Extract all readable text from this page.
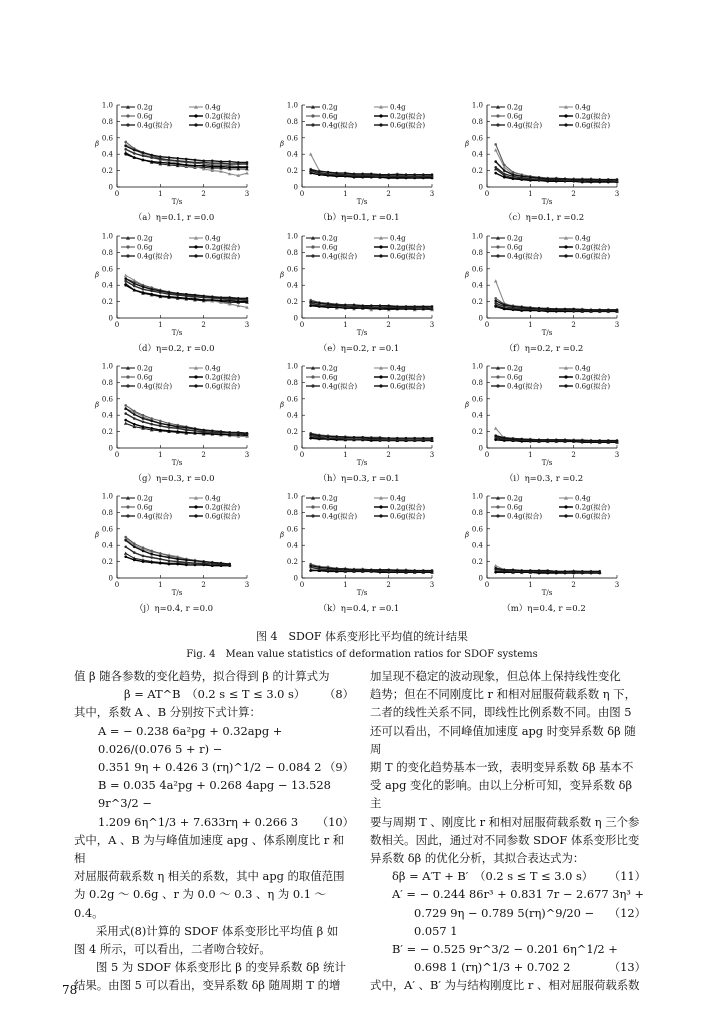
1.0
0.8
0.6
0.4
0.2
0
0	1	2	3
T/s
β
0.2g	0.4g
0.6g	0.2g(拟合)
0.4g(拟合)	0.6g(拟合)
（a）η=0.1, r =0.0
1.0
0.8
0.6
0.4
0.2
0
0	1	2	3
T/s
β
0.2g	0.4g
0.6g	0.2g(拟合)
0.4g(拟合)	0.6g(拟合)
（b）η=0.1, r =0.1
1.0
0.8
0.6
0.4
0.2
0
0	1	2	3
T/s
β
0.2g	0.4g
0.6g	0.2g(拟合)
0.4g(拟合)	0.6g(拟合)
（c）η=0.1, r =0.2
1.0
0.8
0.6
0.4
0.2
0
0	1	2	3
T/s
β
0.2g	0.4g
0.6g	0.2g(拟合)
0.4g(拟合)	0.6g(拟合)
（d）η=0.2, r =0.0
1.0
0.8
0.6
0.4
0.2
0
0	1	2	3
T/s
β
0.2g	0.4g
0.6g	0.2g(拟合)
0.4g(拟合)	0.6g(拟合)
（e）η=0.2, r =0.1
1.0
0.8
0.6
0.4
0.2
0
0	1	2	3
T/s
β
0.2g	0.4g
0.6g	0.2g(拟合)
0.4g(拟合)	0.6g(拟合)
（f）η=0.2, r =0.2
1.0
0.8
0.6
0.4
0.2
0
0	1	2	3
T/s
β
0.2g	0.4g
0.6g	0.2g(拟合)
0.4g(拟合)	0.6g(拟合)
（g）η=0.3, r =0.0
1.0
0.8
0.6
0.4
0.2
0
0	1	2	3
T/s
β
0.2g	0.4g
0.6g	0.2g(拟合)
0.4g(拟合)	0.6g(拟合)
（h）η=0.3, r =0.1
1.0
0.8
0.6
0.4
0.2
0
0	1	2	3
T/s
β
0.2g	0.4g
0.6g	0.2g(拟合)
0.4g(拟合)	0.6g(拟合)
（i）η=0.3, r =0.2
1.0
0.8
0.6
0.4
0.2
0
0	1	2	3
T/s
β
0.2g	0.4g
0.6g	0.2g(拟合)
0.4g(拟合)	0.6g(拟合)
（j）η=0.4, r =0.0
1.0
0.8
0.6
0.4
0.2
0
0	1	2	3
T/s
β
0.2g	0.4g
0.6g	0.2g(拟合)
0.4g(拟合)	0.6g(拟合)
（k）η=0.4, r =0.1
1.0
0.8
0.6
0.4
0.2
0
0	1	2	3
T/s
β
0.2g	0.4g
0.6g	0.2g(拟合)
0.4g(拟合)	0.6g(拟合)
（m）η=0.4, r =0.2
图 4　SDOF 体系变形比平均值的统计结果
Fig. 4　Mean value statistics of deformation ratios for SDOF systems

值 β 随各参数的变化趋势，拟合得到 β 的计算式为

β = AT^B　（0.2 s ≤ T ≤ 3.0 s） （8）

其中，系数 A 、B 分别按下式计算：

A = − 0.238 6a²pg + 0.32apg + 0.026/(0.076 5 + r) −
0.351 9η + 0.426 3 (rη)^1/2 − 0.084 2 （9）
B = 0.035 4a²pg + 0.268 4apg − 13.528 9r^3/2 −
1.209 6η^1/3 + 7.633rη + 0.266 3 （10）

式中，A 、B 为与峰值加速度 apg 、体系刚度比 r 和相

对屈服荷载系数 η 相关的系数，其中 apg 的取值范围

为 0.2g ～ 0.6g 、r 为 0.0 ～ 0.3 、η 为 0.1 ～ 0.4。

采用式(8)计算的 SDOF 体系变形比平均值 β 如

图 4 所示，可以看出，二者吻合较好。

图 5 为 SDOF 体系变形比 β 的变异系数 δβ 统计

结果。由图 5 可以看出，变异系数 δβ 随周期 T 的增

加呈现不稳定的波动现象，但总体上保持线性变化

趋势；但在不同刚度比 r 和相对屈服荷载系数 η 下，

二者的线性关系不同，即线性比例系数不同。由图 5

还可以看出，不同峰值加速度 apg 时变异系数 δβ 随周

期 T 的变化趋势基本一致，表明变异系数 δβ 基本不

受 apg 变化的影响。由以上分析可知，变异系数 δβ 主

要与周期 T 、刚度比 r 和相对屈服荷载系数 η 三个参

数相关。因此，通过对不同参数 SDOF 体系变形比变

异系数 δβ 的优化分析，其拟合表达式为：

δβ = A′T + B′　（0.2 s ≤ T ≤ 3.0 s） （11）
A′ = − 0.244 86r³ + 0.831 7r − 2.677 3η³ +
0.729 9η − 0.789 5(rη)^9/20 − 0.057 1
（12）
B′ = − 0.525 9r^3/2 − 0.201 6η^1/2 +
0.698 1 (rη)^1/3 + 0.702 2	（13）

式中，A′ 、B′ 为与结构刚度比 r 、相对屈服荷载系数

78
